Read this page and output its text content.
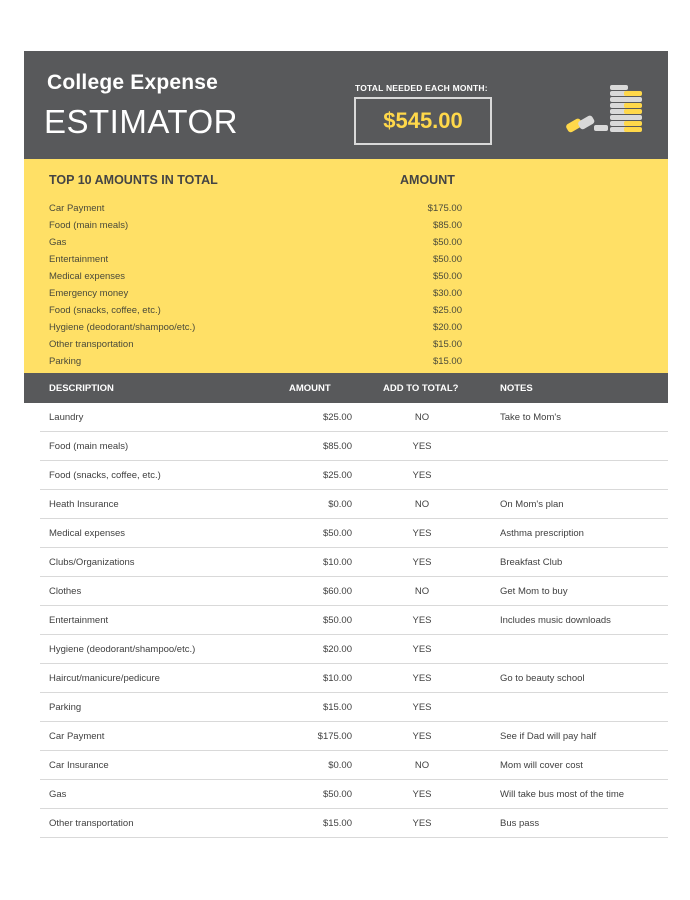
College Expense
ESTIMATOR
TOTAL NEEDED EACH MONTH:
$545.00
TOP 10 AMOUNTS IN TOTAL	AMOUNT
Car Payment	$175.00
Food (main meals)	$85.00
Gas	$50.00
Entertainment	$50.00
Medical expenses	$50.00
Emergency money	$30.00
Food (snacks, coffee, etc.)	$25.00
Hygiene (deodorant/shampoo/etc.)	$20.00
Other transportation	$15.00
Parking	$15.00
DESCRIPTION	AMOUNT	ADD TO TOTAL?	NOTES
Laundry	$25.00	NO	Take to Mom's
Food (main meals)	$85.00	YES
Food (snacks, coffee, etc.)	$25.00	YES
Heath Insurance	$0.00	NO	On Mom's plan
Medical expenses	$50.00	YES	Asthma prescription
Clubs/Organizations	$10.00	YES	Breakfast Club
Clothes	$60.00	NO	Get Mom to buy
Entertainment	$50.00	YES	Includes music downloads
Hygiene (deodorant/shampoo/etc.)	$20.00	YES
Haircut/manicure/pedicure	$10.00	YES	Go to beauty school
Parking	$15.00	YES
Car Payment	$175.00	YES	See if Dad will pay half
Car Insurance	$0.00	NO	Mom will cover cost
Gas	$50.00	YES	Will take bus most of the time
Other transportation	$15.00	YES	Bus pass
